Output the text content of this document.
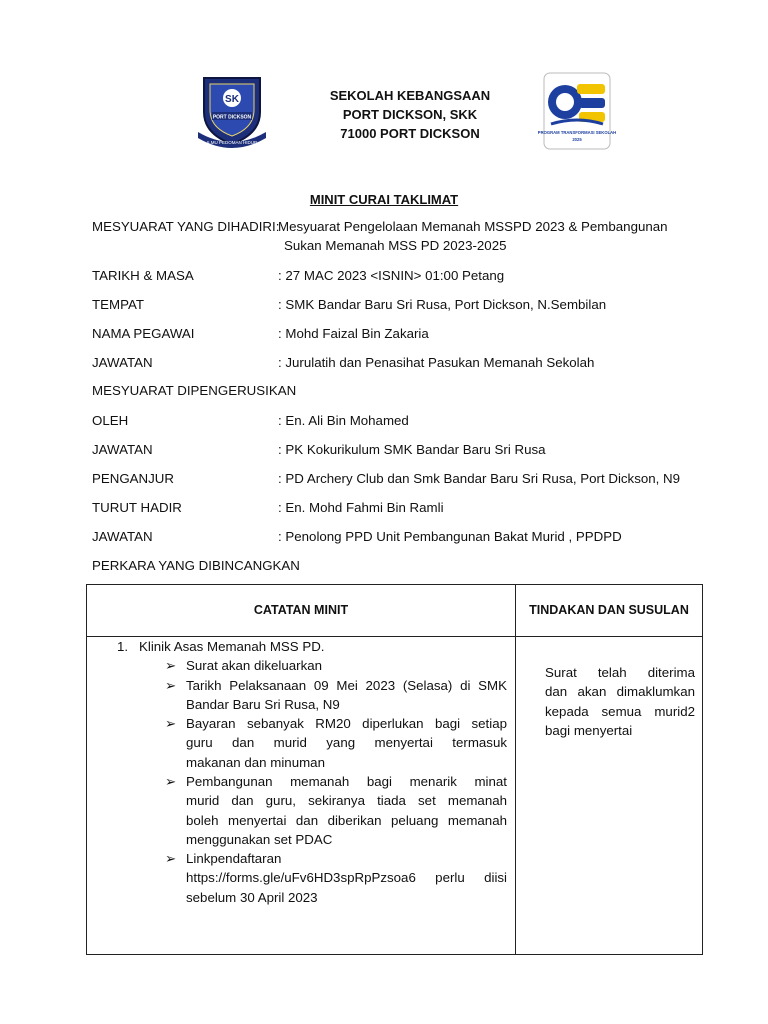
SK
PORT DICKSON
ILMU PEDOMAN HIDUP
SEKOLAH KEBANGSAAN
PORT DICKSON, SKK
71000 PORT DICKSON	PROGRAM TRANSFORMASI SEKOLAH
2025
MINIT CURAI TAKLIMAT
MESYUARAT YANG DIHADIRI:
Mesyuarat Pengelolaan Memanah MSSPD 2023 & Pembangunan
Sukan Memanah MSS PD 2023-2025
TARIKH & MASA	: 27 MAC 2023 <ISNIN> 01:00 Petang
TEMPAT	: SMK Bandar Baru Sri Rusa, Port Dickson, N.Sembilan
NAMA PEGAWAI	: Mohd Faizal Bin Zakaria
JAWATAN	: Jurulatih dan Penasihat Pasukan Memanah Sekolah
MESYUARAT DIPENGERUSIKAN
OLEH	: En. Ali Bin Mohamed
JAWATAN	: PK Kokurikulum SMK Bandar Baru Sri Rusa
PENGANJUR	: PD Archery Club dan Smk Bandar Baru Sri Rusa, Port Dickson, N9
TURUT HADIR	: En. Mohd Fahmi Bin Ramli
JAWATAN	: Penolong PPD Unit Pembangunan Bakat Murid , PPDPD
PERKARA YANG DIBINCANGKAN
CATATAN MINIT	TINDAKAN DAN SUSULAN
1. Klinik Asas Memanah MSS PD.
➢ Surat akan dikeluarkan
➢ Tarikh Pelaksanaan 09 Mei 2023 (Selasa) di SMK
Bandar Baru Sri Rusa, N9
➢ Bayaran sebanyak RM20 diperlukan bagi setiap
guru dan murid yang menyertai termasuk
makanan dan minuman
➢ Pembangunan memanah bagi menarik minat
murid dan guru, sekiranya tiada set memanah
boleh menyertai dan diberikan peluang memanah
menggunakan set PDAC
➢ Linkpendaftaran
https://forms.gle/uFv6HD3spRpPzsoa6 perlu diisi
sebelum 30 April 2023
Surat telah diterima
dan akan dimaklumkan
kepada semua murid2
bagi menyertai
